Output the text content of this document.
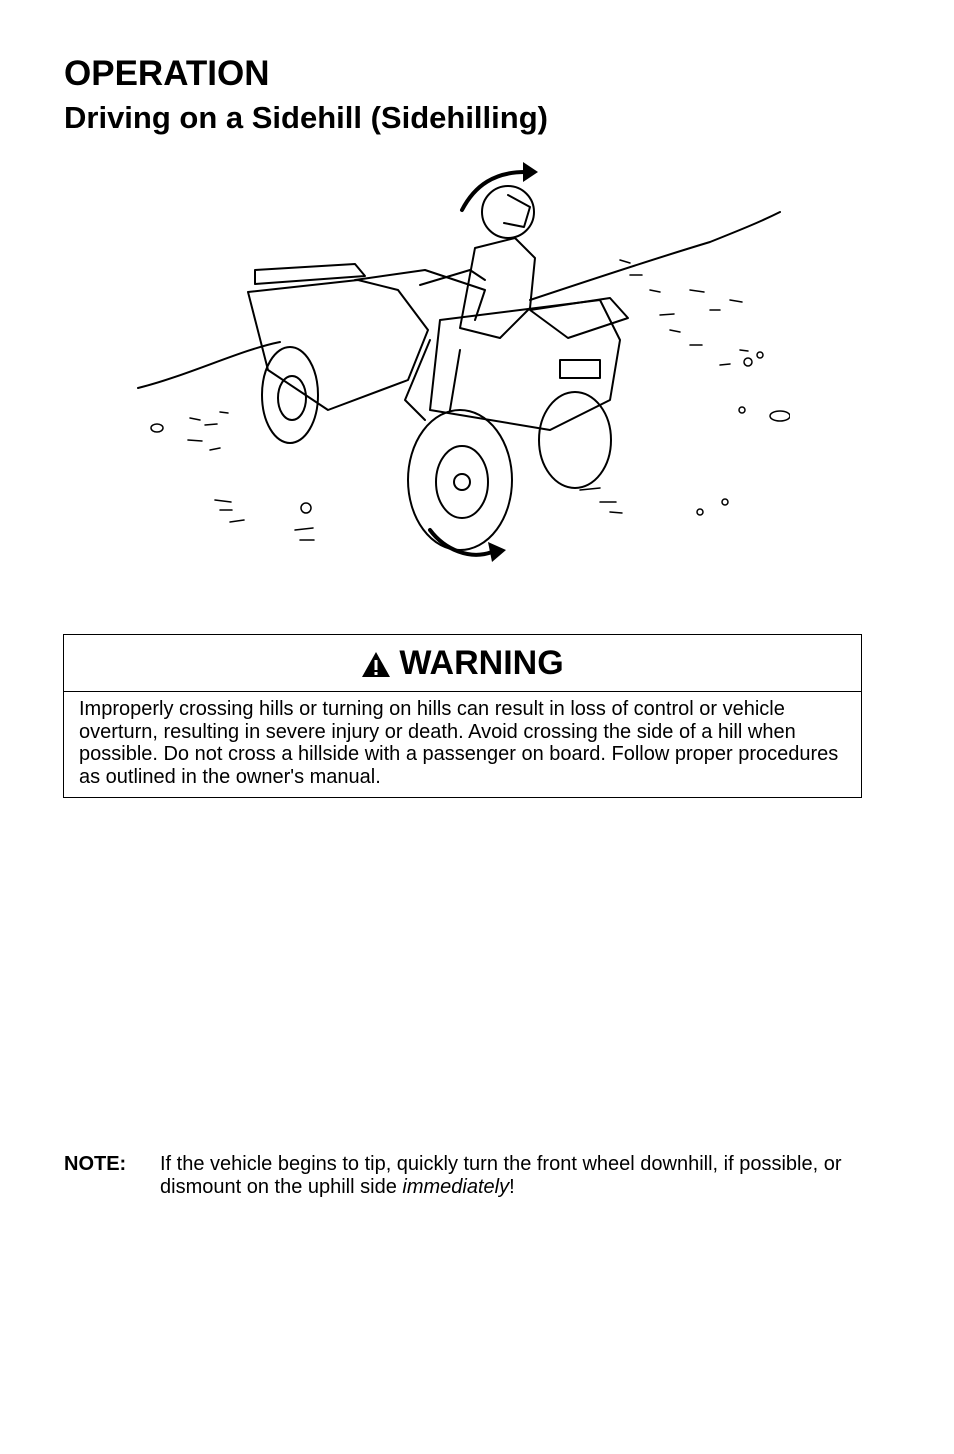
OPERATION
Driving on a Sidehill (Sidehilling)
WARNING
Improperly crossing hills or turning on hills can result in loss of control or vehicle overturn, resulting in severe injury or death. Avoid crossing the side of a hill when possible. Do not cross a hillside with a passenger on board. Follow proper procedures as outlined in the owner's manual.
NOTE: If the vehicle begins to tip, quickly turn the front wheel downhill, if possible, or dismount on the uphill side immediately!
